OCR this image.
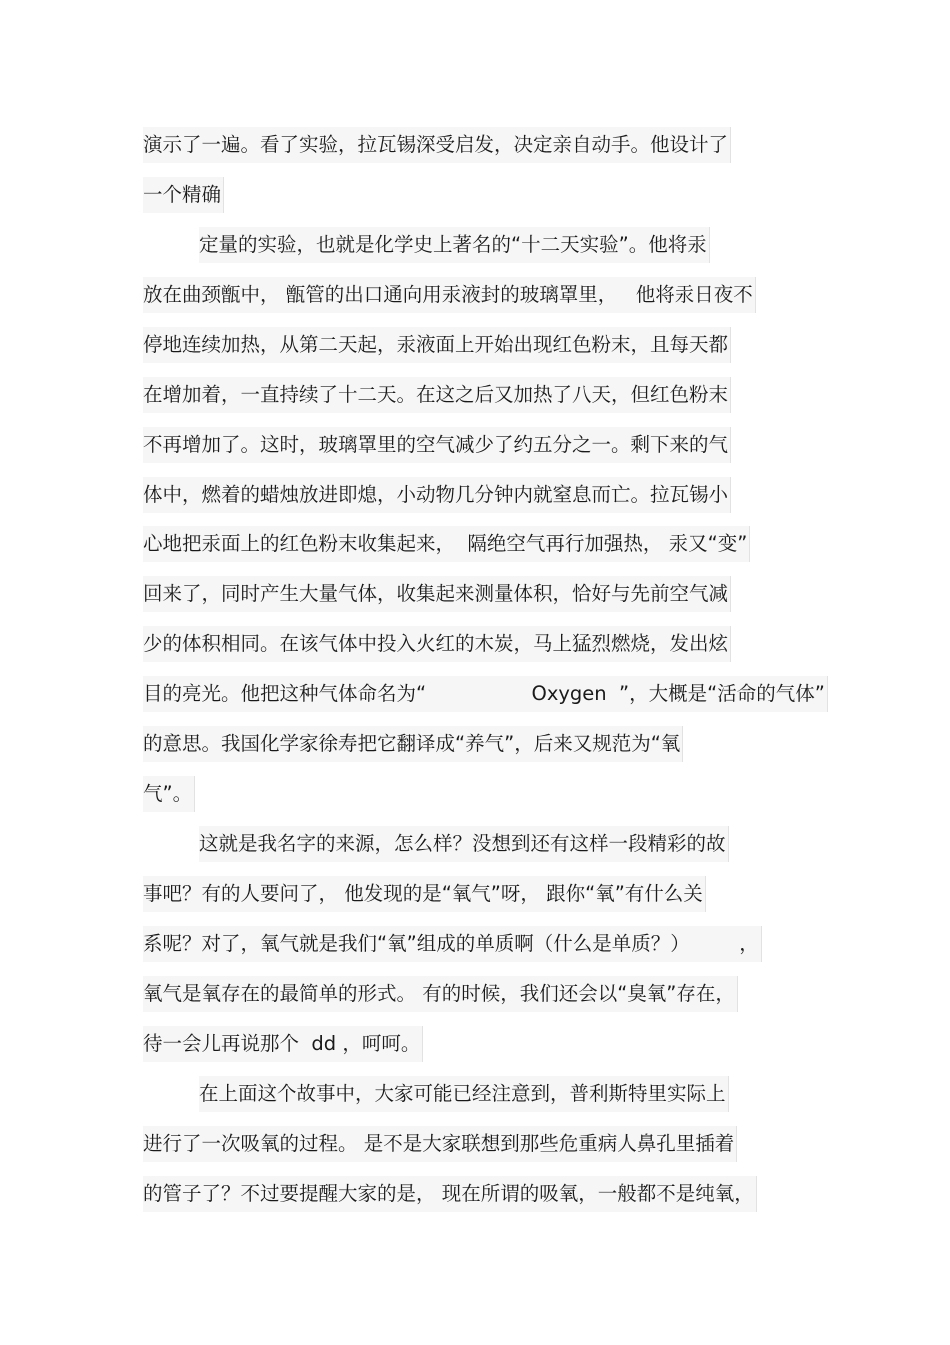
演示了一遍。看了实验，拉瓦锡深受启发，决定亲自动手。他设计了
一个精确
定量的实验，也就是化学史上著名的“十二天实验”。他将汞
放在曲颈甑中， 甑管的出口通向用汞液封的玻璃罩里，   他将汞日夜不
停地连续加热，从第二天起，汞液面上开始出现红色粉末，且每天都
在增加着，一直持续了十二天。在这之后又加热了八天，但红色粉末
不再增加了。这时，玻璃罩里的空气减少了约五分之一。剩下来的气
体中，燃着的蜡烛放进即熄，小动物几分钟内就窒息而亡。拉瓦锡小
心地把汞面上的红色粉末收集起来，  隔绝空气再行加强热， 汞又“变”
回来了，同时产生大量气体，收集起来测量体积，恰好与先前空气减
少的体积相同。在该气体中投入火红的木炭，马上猛烈燃烧，发出炫
目的亮光。他把这种气体命名为“                 Oxygen  ”，大概是“活命的气体”
的意思。我国化学家徐寿把它翻译成“养气”，后来又规范为“氧
气”。
这就是我名字的来源，怎么样？没想到还有这样一段精彩的故
事吧？有的人要问了， 他发现的是“氧气”呀， 跟你“氧”有什么关
系呢？对了，氧气就是我们“氧”组成的单质啊（什么是单质？）        ，
氧气是氧存在的最简单的形式。 有的时候，我们还会以“臭氧”存在，
待一会儿再说那个  dd ，呵呵。
在上面这个故事中，大家可能已经注意到，普利斯特里实际上
进行了一次吸氧的过程。 是不是大家联想到那些危重病人鼻孔里插着
的管子了？不过要提醒大家的是， 现在所谓的吸氧，一般都不是纯氧，
